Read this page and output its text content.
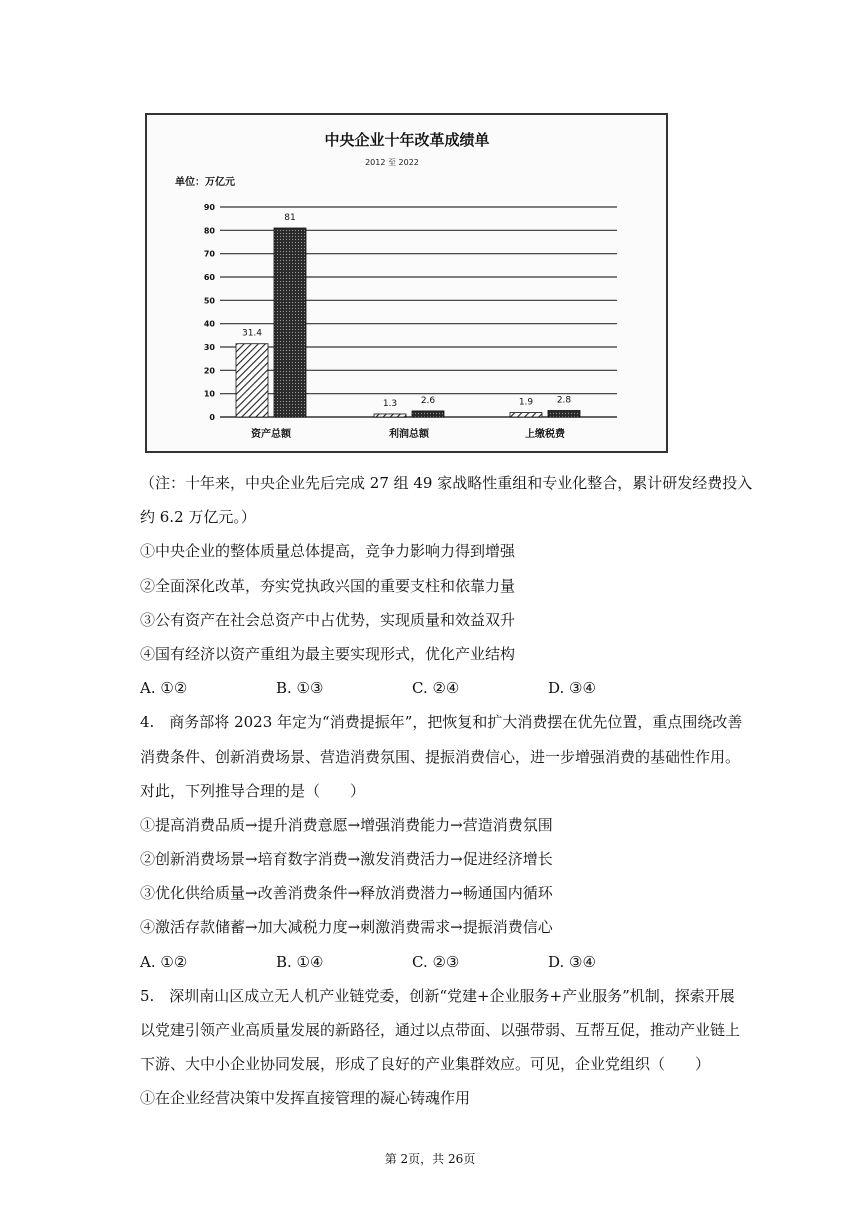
中央企业十年改革成绩单
2012 至 2022
单位：万亿元
0
10
20
30
40
50
60
70
80
90
31.4
81
资产总额
1.3	2.6
利润总额
1.9	2.8
上缴税费
（注：十年来，中央企业先后完成 27 组 49 家战略性重组和专业化整合，累计研发经费投入
约 6.2 万亿元。）
①中央企业的整体质量总体提高，竞争力影响力得到增强
②全面深化改革，夯实党执政兴国的重要支柱和依靠力量
③公有资产在社会总资产中占优势，实现质量和效益双升
④国有经济以资产重组为最主要实现形式，优化产业结构
A. ①②	B. ①③	C. ②④	D. ③④
4.　商务部将 2023 年定为“消费提振年”，把恢复和扩大消费摆在优先位置，重点围绕改善
消费条件、创新消费场景、营造消费氛围、提振消费信心，进一步增强消费的基础性作用。
对此，下列推导合理的是（　　）
①提高消费品质→提升消费意愿→增强消费能力→营造消费氛围
②创新消费场景→培育数字消费→激发消费活力→促进经济增长
③优化供给质量→改善消费条件→释放消费潜力→畅通国内循环
④激活存款储蓄→加大减税力度→刺激消费需求→提振消费信心
A. ①②	B. ①④	C. ②③	D. ③④
5.　深圳南山区成立无人机产业链党委，创新“党建+企业服务+产业服务”机制，探索开展
以党建引领产业高质量发展的新路径，通过以点带面、以强带弱、互帮互促，推动产业链上
下游、大中小企业协同发展，形成了良好的产业集群效应。可见，企业党组织（　　）
①在企业经营决策中发挥直接管理的凝心铸魂作用
第 2页，共 26页
